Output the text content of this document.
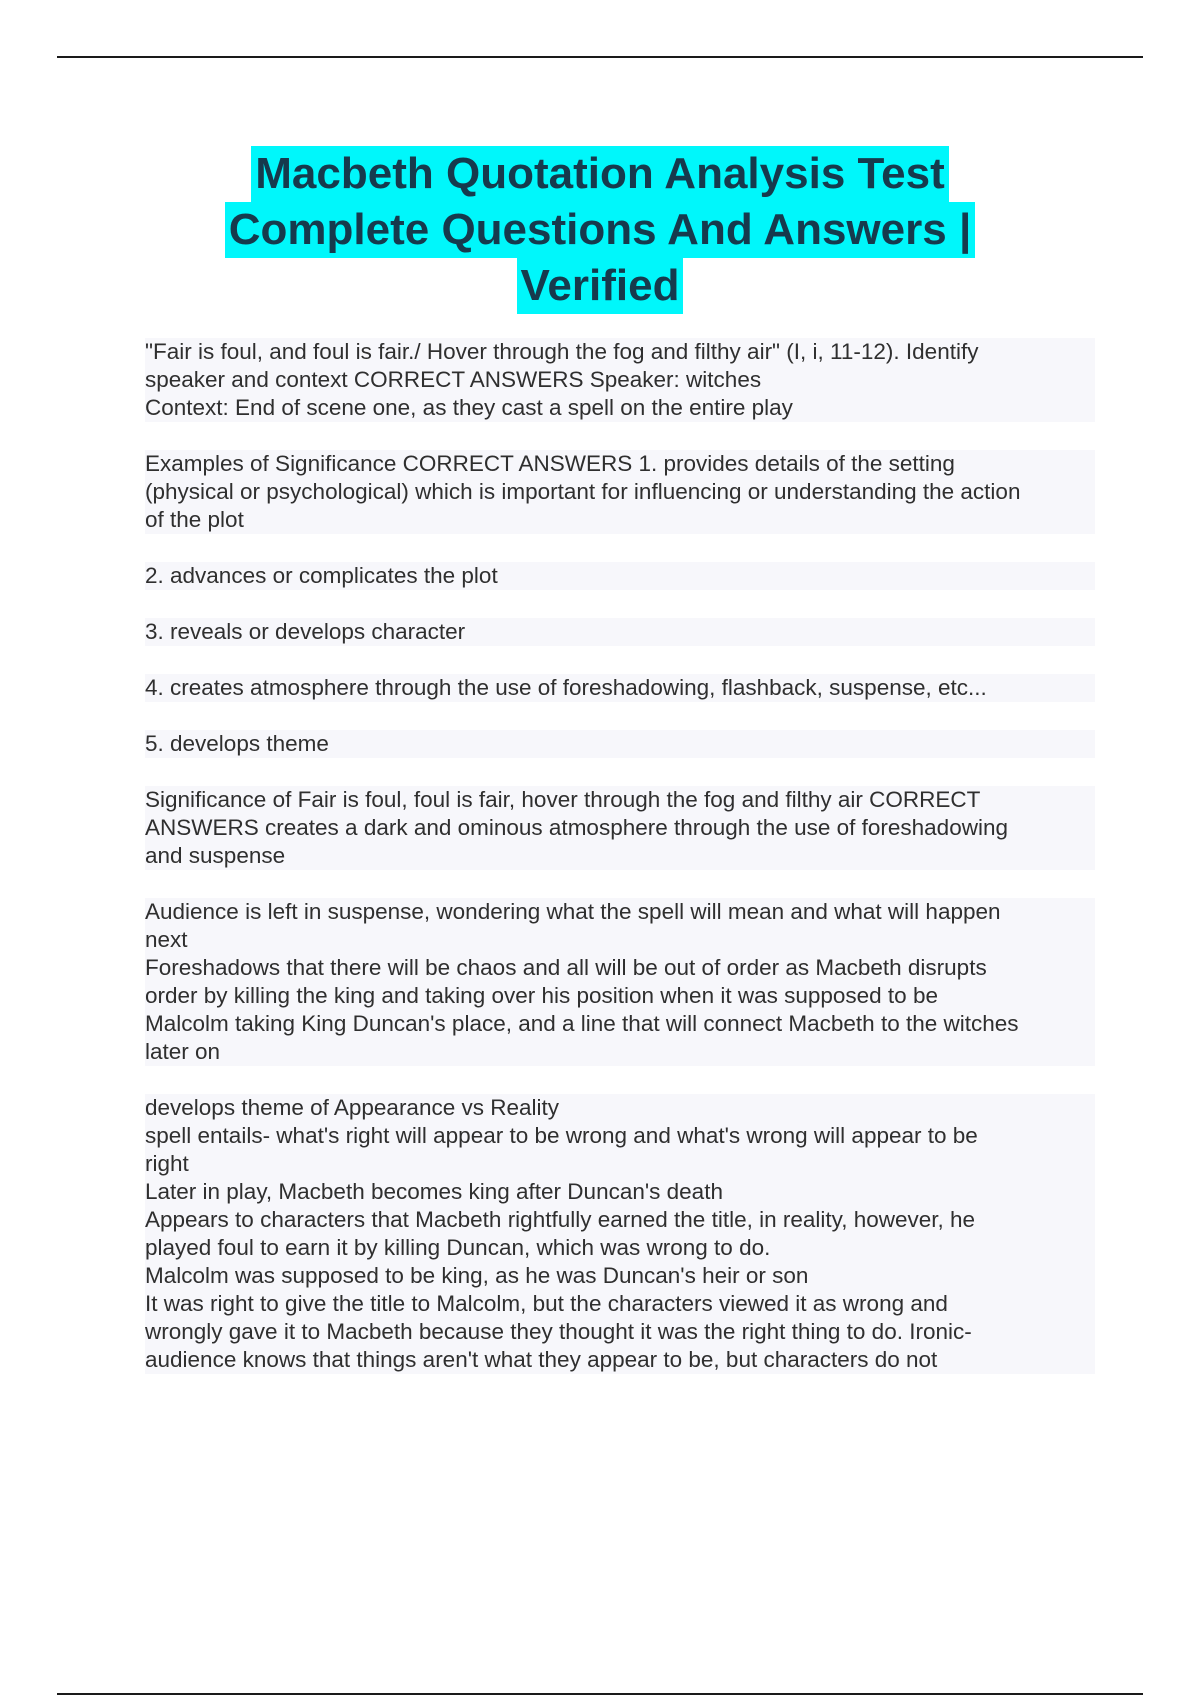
Macbeth Quotation Analysis Test
Complete Questions And Answers |
Verified
"Fair is foul, and foul is fair./ Hover through the fog and filthy air" (I, i, 11-12). Identify
speaker and context CORRECT ANSWERS Speaker: witches
Context: End of scene one, as they cast a spell on the entire play
Examples of Significance CORRECT ANSWERS 1. provides details of the setting
(physical or psychological) which is important for influencing or understanding the action
of the plot
2. advances or complicates the plot
3. reveals or develops character
4. creates atmosphere through the use of foreshadowing, flashback, suspense, etc...
5. develops theme
Significance of Fair is foul, foul is fair, hover through the fog and filthy air CORRECT
ANSWERS creates a dark and ominous atmosphere through the use of foreshadowing
and suspense
Audience is left in suspense, wondering what the spell will mean and what will happen
next
Foreshadows that there will be chaos and all will be out of order as Macbeth disrupts
order by killing the king and taking over his position when it was supposed to be
Malcolm taking King Duncan's place, and a line that will connect Macbeth to the witches
later on
develops theme of Appearance vs Reality
spell entails- what's right will appear to be wrong and what's wrong will appear to be
right
Later in play, Macbeth becomes king after Duncan's death
Appears to characters that Macbeth rightfully earned the title, in reality, however, he
played foul to earn it by killing Duncan, which was wrong to do.
Malcolm was supposed to be king, as he was Duncan's heir or son
It was right to give the title to Malcolm, but the characters viewed it as wrong and
wrongly gave it to Macbeth because they thought it was the right thing to do. Ironic-
audience knows that things aren't what they appear to be, but characters do not
